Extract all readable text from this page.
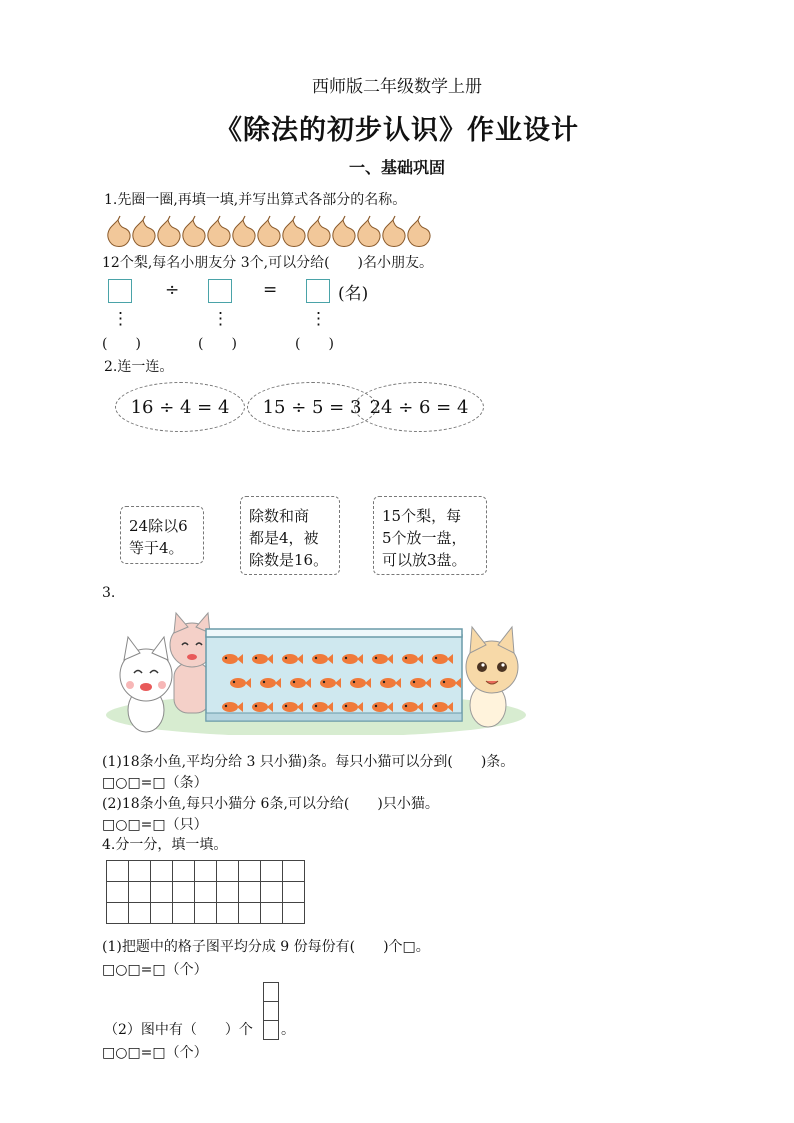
西师版二年级数学上册
《除法的初步认识》作业设计
一、基础巩固
1.先圈一圈,再填一填,并写出算式各部分的名称。
12个梨,每名小朋友分 3个,可以分给(　　)名小朋友。
÷	=	(名)
⋮	⋮	⋮
(　　)	(　　)	(　　)
2.连一连。
16 ÷ 4 = 4	15 ÷ 5 = 3 24 ÷ 6 = 4
24除以6
等于4。
除数和商
都是4，被
除数是16。
15个梨，每
5个放一盘，
可以放3盘。
3.
(1)18条小鱼,平均分给 3 只小猫)条。每只小猫可以分到(　　)条。
□○□=□（条）
(2)18条小鱼,每只小猫分 6条,可以分给(　　)只小猫。
□○□=□（只）
4.分一分，填一填。

(1)把题中的格子图平均分成 9 份每份有(　　)个□。
□○□=□（个）
（2）图中有（　　）个 。
□○□=□（个）
